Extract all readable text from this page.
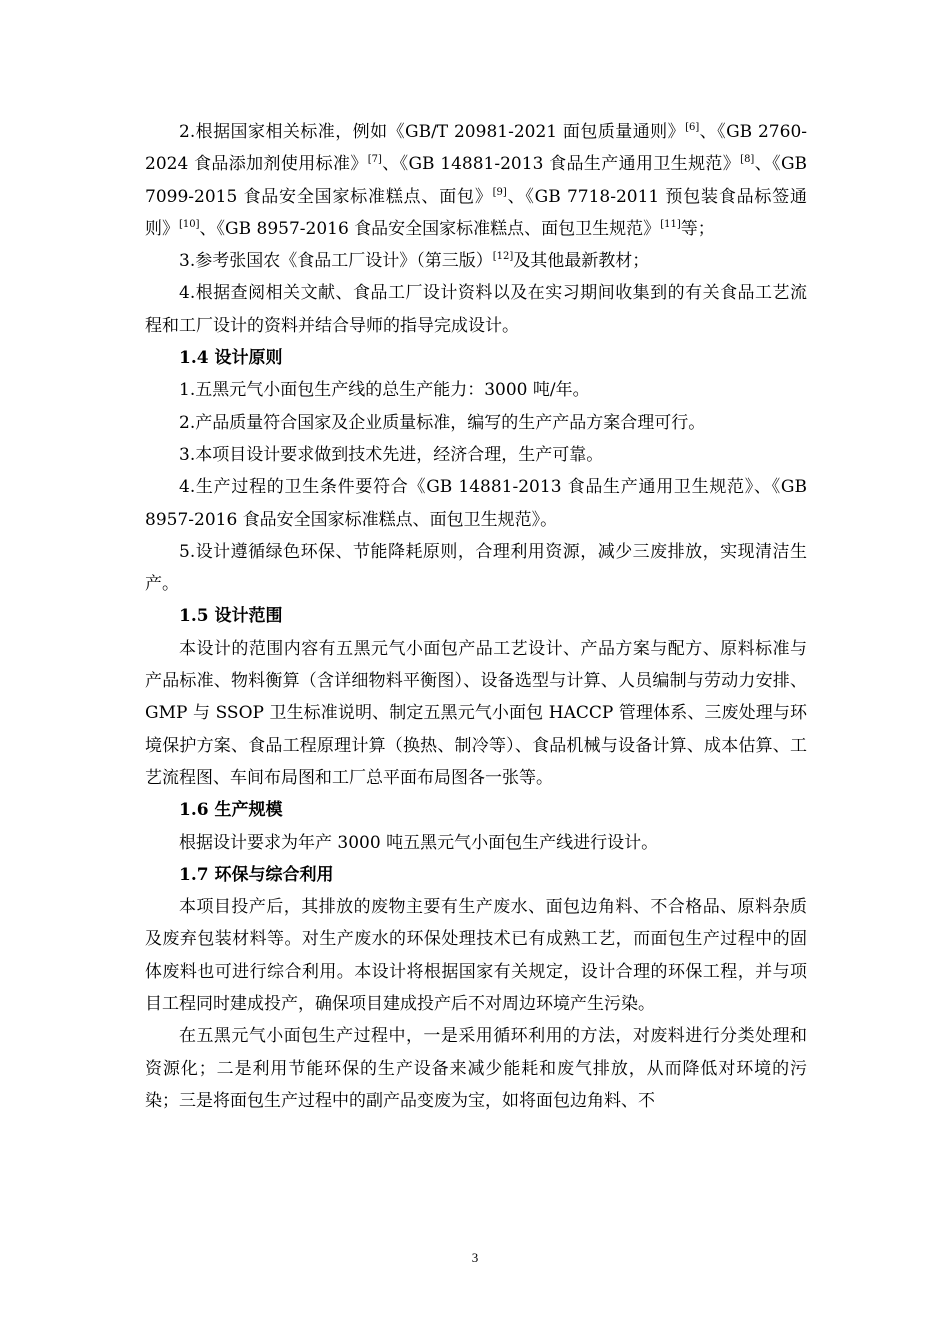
2.根据国家相关标准，例如《GB/T 20981-2021 面包质量通则》[6]、《GB 2760-2024 食品添加剂使用标准》[7]、《GB 14881-2013 食品生产通用卫生规范》[8]、《GB 7099-2015 食品安全国家标准糕点、面包》[9]、《GB 7718-2011 预包装食品标签通则》[10]、《GB 8957-2016 食品安全国家标准糕点、面包卫生规范》[11]等；

3.参考张国农《食品工厂设计》（第三版）[12]及其他最新教材；

4.根据查阅相关文献、食品工厂设计资料以及在实习期间收集到的有关食品工艺流程和工厂设计的资料并结合导师的指导完成设计。

1.4 设计原则

1.五黑元气小面包生产线的总生产能力：3000 吨/年。

2.产品质量符合国家及企业质量标准，编写的生产产品方案合理可行。

3.本项目设计要求做到技术先进，经济合理，生产可靠。

4.生产过程的卫生条件要符合《GB 14881-2013 食品生产通用卫生规范》、《GB 8957-2016 食品安全国家标准糕点、面包卫生规范》。

5.设计遵循绿色环保、节能降耗原则，合理利用资源，减少三废排放，实现清洁生产。

1.5 设计范围

本设计的范围内容有五黑元气小面包产品工艺设计、产品方案与配方、原料标准与产品标准、物料衡算（含详细物料平衡图）、设备选型与计算、人员编制与劳动力安排、GMP 与 SSOP 卫生标准说明、制定五黑元气小面包 HACCP 管理体系、三废处理与环境保护方案、食品工程原理计算（换热、制冷等）、食品机械与设备计算、成本估算、工艺流程图、车间布局图和工厂总平面布局图各一张等。

1.6 生产规模

根据设计要求为年产 3000 吨五黑元气小面包生产线进行设计。

1.7 环保与综合利用

本项目投产后，其排放的废物主要有生产废水、面包边角料、不合格品、原料杂质及废弃包装材料等。对生产废水的环保处理技术已有成熟工艺，而面包生产过程中的固体废料也可进行综合利用。本设计将根据国家有关规定，设计合理的环保工程，并与项目工程同时建成投产，确保项目建成投产后不对周边环境产生污染。

在五黑元气小面包生产过程中，一是采用循环利用的方法，对废料进行分类处理和资源化；二是利用节能环保的生产设备来减少能耗和废气排放，从而降低对环境的污染；三是将面包生产过程中的副产品变废为宝，如将面包边角料、不

3
